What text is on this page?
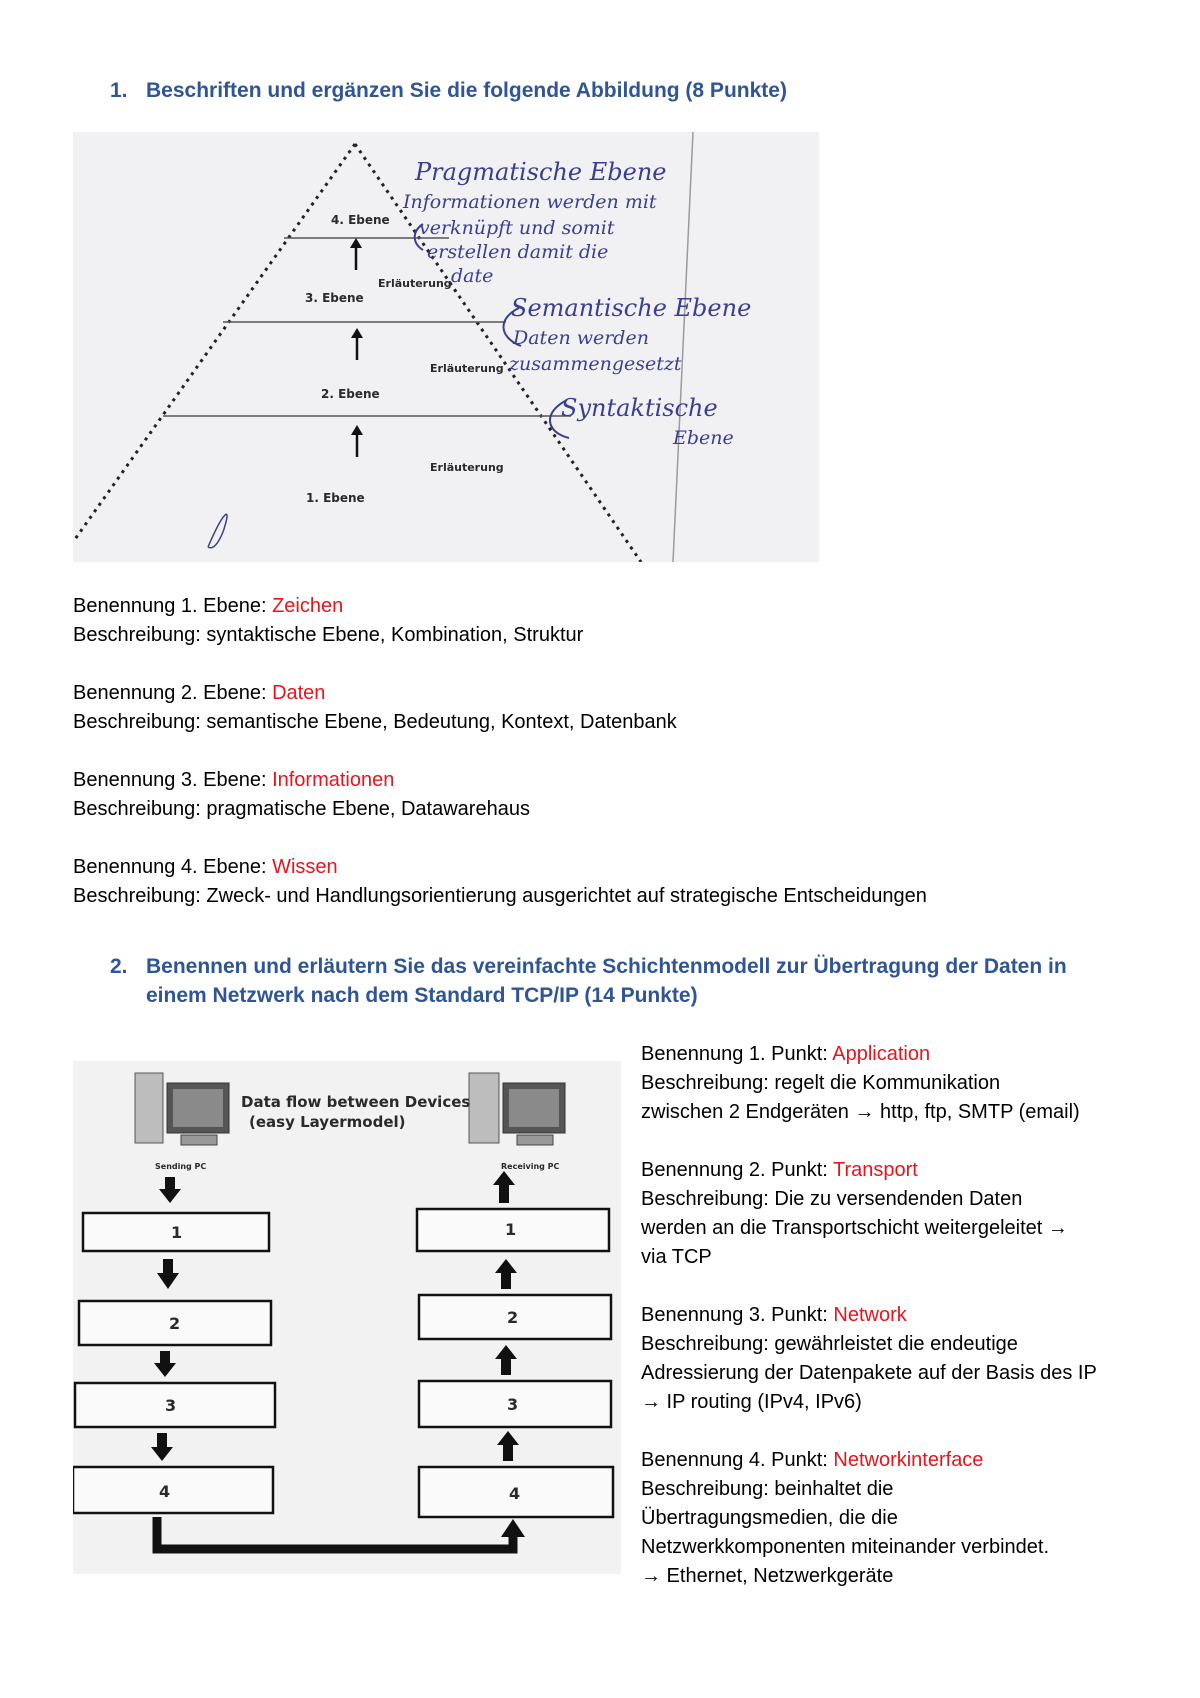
1. Beschriften und ergänzen Sie die folgende Abbildung (8 Punkte)
4. Ebene
3. Ebene
2. Ebene
1. Ebene
Erläuterung
Erläuterung
Erläuterung
Pragmatische Ebene
Informationen werden mit
verknüpft und somit
erstellen damit die
date
Semantische Ebene
Daten werden
zusammengesetzt
Syntaktische
Ebene
Benennung 1. Ebene: Zeichen
Beschreibung: syntaktische Ebene, Kombination, Struktur
Benennung 2. Ebene: Daten
Beschreibung: semantische Ebene, Bedeutung, Kontext, Datenbank
Benennung 3. Ebene: Informationen
Beschreibung: pragmatische Ebene, Datawarehaus
Benennung 4. Ebene: Wissen
Beschreibung: Zweck- und Handlungsorientierung ausgerichtet auf strategische Entscheidungen
2. Benennen und erläutern Sie das vereinfachte Schichtenmodell zur Übertragung der Daten in
einem Netzwerk nach dem Standard TCP/IP (14 Punkte)
Sending PC	Receiving PC
Data flow between Devices
(easy Layermodel)
1
2
3
4
1
2
3
4
Benennung 1. Punkt: Application
Beschreibung: regelt die Kommunikation
zwischen 2 Endgeräten → http, ftp, SMTP (email)
Benennung 2. Punkt: Transport
Beschreibung: Die zu versendenden Daten
werden an die Transportschicht weitergeleitet →
via TCP
Benennung 3. Punkt: Network
Beschreibung: gewährleistet die endeutige
Adressierung der Datenpakete auf der Basis des IP
→ IP routing (IPv4, IPv6)
Benennung 4. Punkt: Networkinterface
Beschreibung: beinhaltet die
Übertragungsmedien, die die
Netzwerkkomponenten miteinander verbindet.
→ Ethernet, Netzwerkgeräte
